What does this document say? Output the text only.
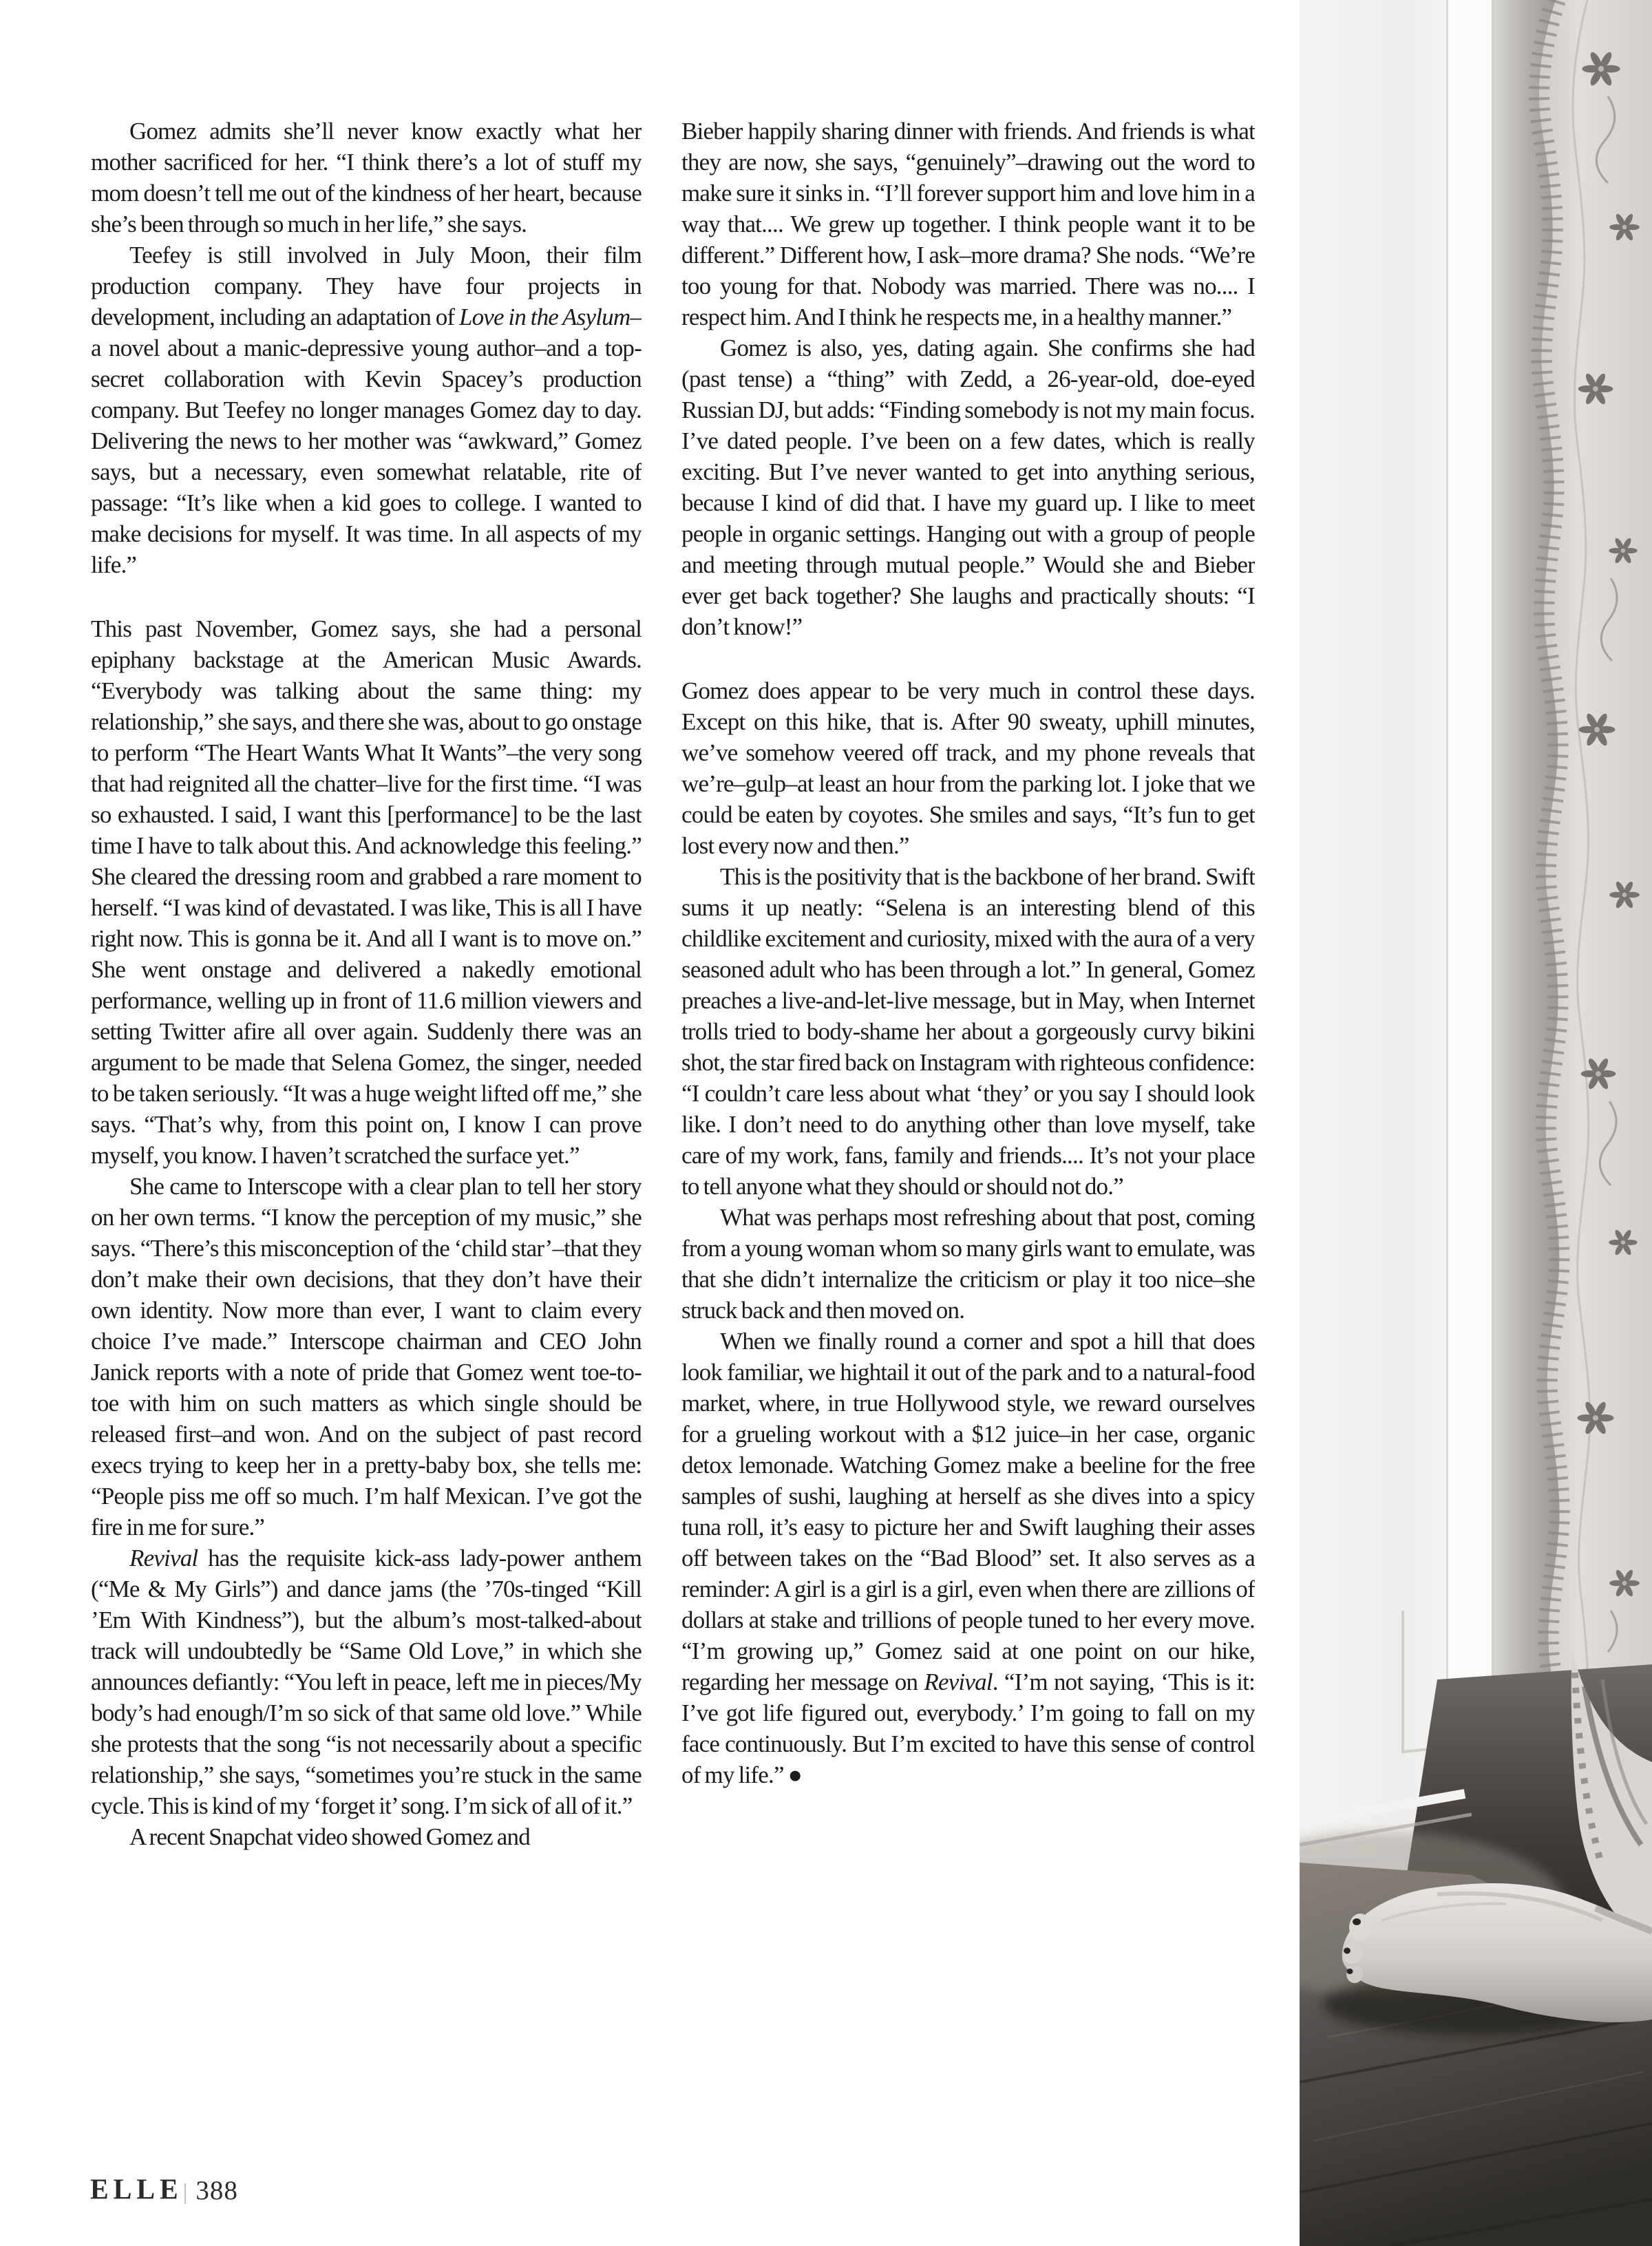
Gomez admits she’ll never know exactly what her mother sacrificed for her. “I think there’s a lot of stuff my mom doesn’t tell me out of the kindness of her heart, because she’s been through so much in her life,” she says.

Teefey is still involved in July Moon, their film production company. They have four projects in development, including an adaptation of Love in the Asylum–a novel about a manic-depressive young author–and a top-secret collaboration with Kevin Spacey’s production company. But Teefey no longer manages Gomez day to day. Delivering the news to her mother was “awkward,” Gomez says, but a necessary, even somewhat relatable, rite of passage: “It’s like when a kid goes to college. I wanted to make decisions for myself. It was time. In all aspects of my life.”

This past November, Gomez says, she had a personal epiphany backstage at the American Music Awards. “Everybody was talking about the same thing: my relationship,” she says, and there she was, about to go onstage to perform “The Heart Wants What It Wants”–the very song that had reignited all the chatter–live for the first time. “I was so exhausted. I said, I want this [performance] to be the last time I have to talk about this. And acknowledge this feeling.” She cleared the dressing room and grabbed a rare moment to herself. “I was kind of devastated. I was like, This is all I have right now. This is gonna be it. And all I want is to move on.” She went onstage and delivered a nakedly emotional performance, welling up in front of 11.6 million viewers and setting Twitter afire all over again. Suddenly there was an argument to be made that Selena Gomez, the singer, needed to be taken seriously. “It was a huge weight lifted off me,” she says. “That’s why, from this point on, I know I can prove myself, you know. I haven’t scratched the surface yet.”

She came to Interscope with a clear plan to tell her story on her own terms. “I know the perception of my music,” she says. “There’s this misconception of the ‘child star’–that they don’t make their own decisions, that they don’t have their own identity. Now more than ever, I want to claim every choice I’ve made.” Interscope chairman and CEO John Janick reports with a note of pride that Gomez went toe-to-toe with him on such matters as which single should be released first–and won. And on the subject of past record execs trying to keep her in a pretty-baby box, she tells me: “People piss me off so much. I’m half Mexican. I’ve got the fire in me for sure.”

Revival has the requisite kick-ass lady-power anthem (“Me & My Girls”) and dance jams (the ’70s-tinged “Kill ’Em With Kindness”), but the album’s most-talked-about track will undoubtedly be “Same Old Love,” in which she announces defiantly: “You left in peace, left me in pieces/My body’s had enough/I’m so sick of that same old love.” While she protests that the song “is not necessarily about a specific relationship,” she says, “sometimes you’re stuck in the same cycle. This is kind of my ‘forget it’ song. I’m sick of all of it.”

A recent Snapchat video showed Gomez and

Bieber happily sharing dinner with friends. And friends is what they are now, she says, “genuinely”–drawing out the word to make sure it sinks in. “I’ll forever support him and love him in a way that.... We grew up together. I think people want it to be different.” Different how, I ask–more drama? She nods. “We’re too young for that. Nobody was married. There was no.... I respect him. And I think he respects me, in a healthy manner.”

Gomez is also, yes, dating again. She confirms she had (past tense) a “thing” with Zedd, a 26-year-old, doe-eyed Russian DJ, but adds: “Finding somebody is not my main focus. I’ve dated people. I’ve been on a few dates, which is really exciting. But I’ve never wanted to get into anything serious, because I kind of did that. I have my guard up. I like to meet people in organic settings. Hanging out with a group of people and meeting through mutual people.” Would she and Bieber ever get back together? She laughs and practically shouts: “I don’t know!”

Gomez does appear to be very much in control these days. Except on this hike, that is. After 90 sweaty, uphill minutes, we’ve somehow veered off track, and my phone reveals that we’re–gulp–at least an hour from the parking lot. I joke that we could be eaten by coyotes. She smiles and says, “It’s fun to get lost every now and then.”

This is the positivity that is the backbone of her brand. Swift sums it up neatly: “Selena is an interesting blend of this childlike excitement and curiosity, mixed with the aura of a very seasoned adult who has been through a lot.” In general, Gomez preaches a live-and-let-live message, but in May, when Internet trolls tried to body-shame her about a gorgeously curvy bikini shot, the star fired back on Instagram with righteous confidence: “I couldn’t care less about what ‘they’ or you say I should look like. I don’t need to do anything other than love myself, take care of my work, fans, family and friends.... It’s not your place to tell anyone what they should or should not do.”

What was perhaps most refreshing about that post, coming from a young woman whom so many girls want to emulate, was that she didn’t internalize the criticism or play it too nice–she struck back and then moved on.

When we finally round a corner and spot a hill that does look familiar, we hightail it out of the park and to a natural-food market, where, in true Hollywood style, we reward ourselves for a grueling workout with a $12 juice–in her case, organic detox lemonade. Watching Gomez make a beeline for the free samples of sushi, laughing at herself as she dives into a spicy tuna roll, it’s easy to picture her and Swift laughing their asses off between takes on the “Bad Blood” set. It also serves as a reminder: A girl is a girl is a girl, even when there are zillions of dollars at stake and trillions of people tuned to her every move. “I’m growing up,” Gomez said at one point on our hike, regarding her message on Revival. “I’m not saying, ‘This is it: I’ve got life figured out, everybody.’ I’m going to fall on my face continuously. But I’m excited to have this sense of control of my life.” ●

ELLE | 388
